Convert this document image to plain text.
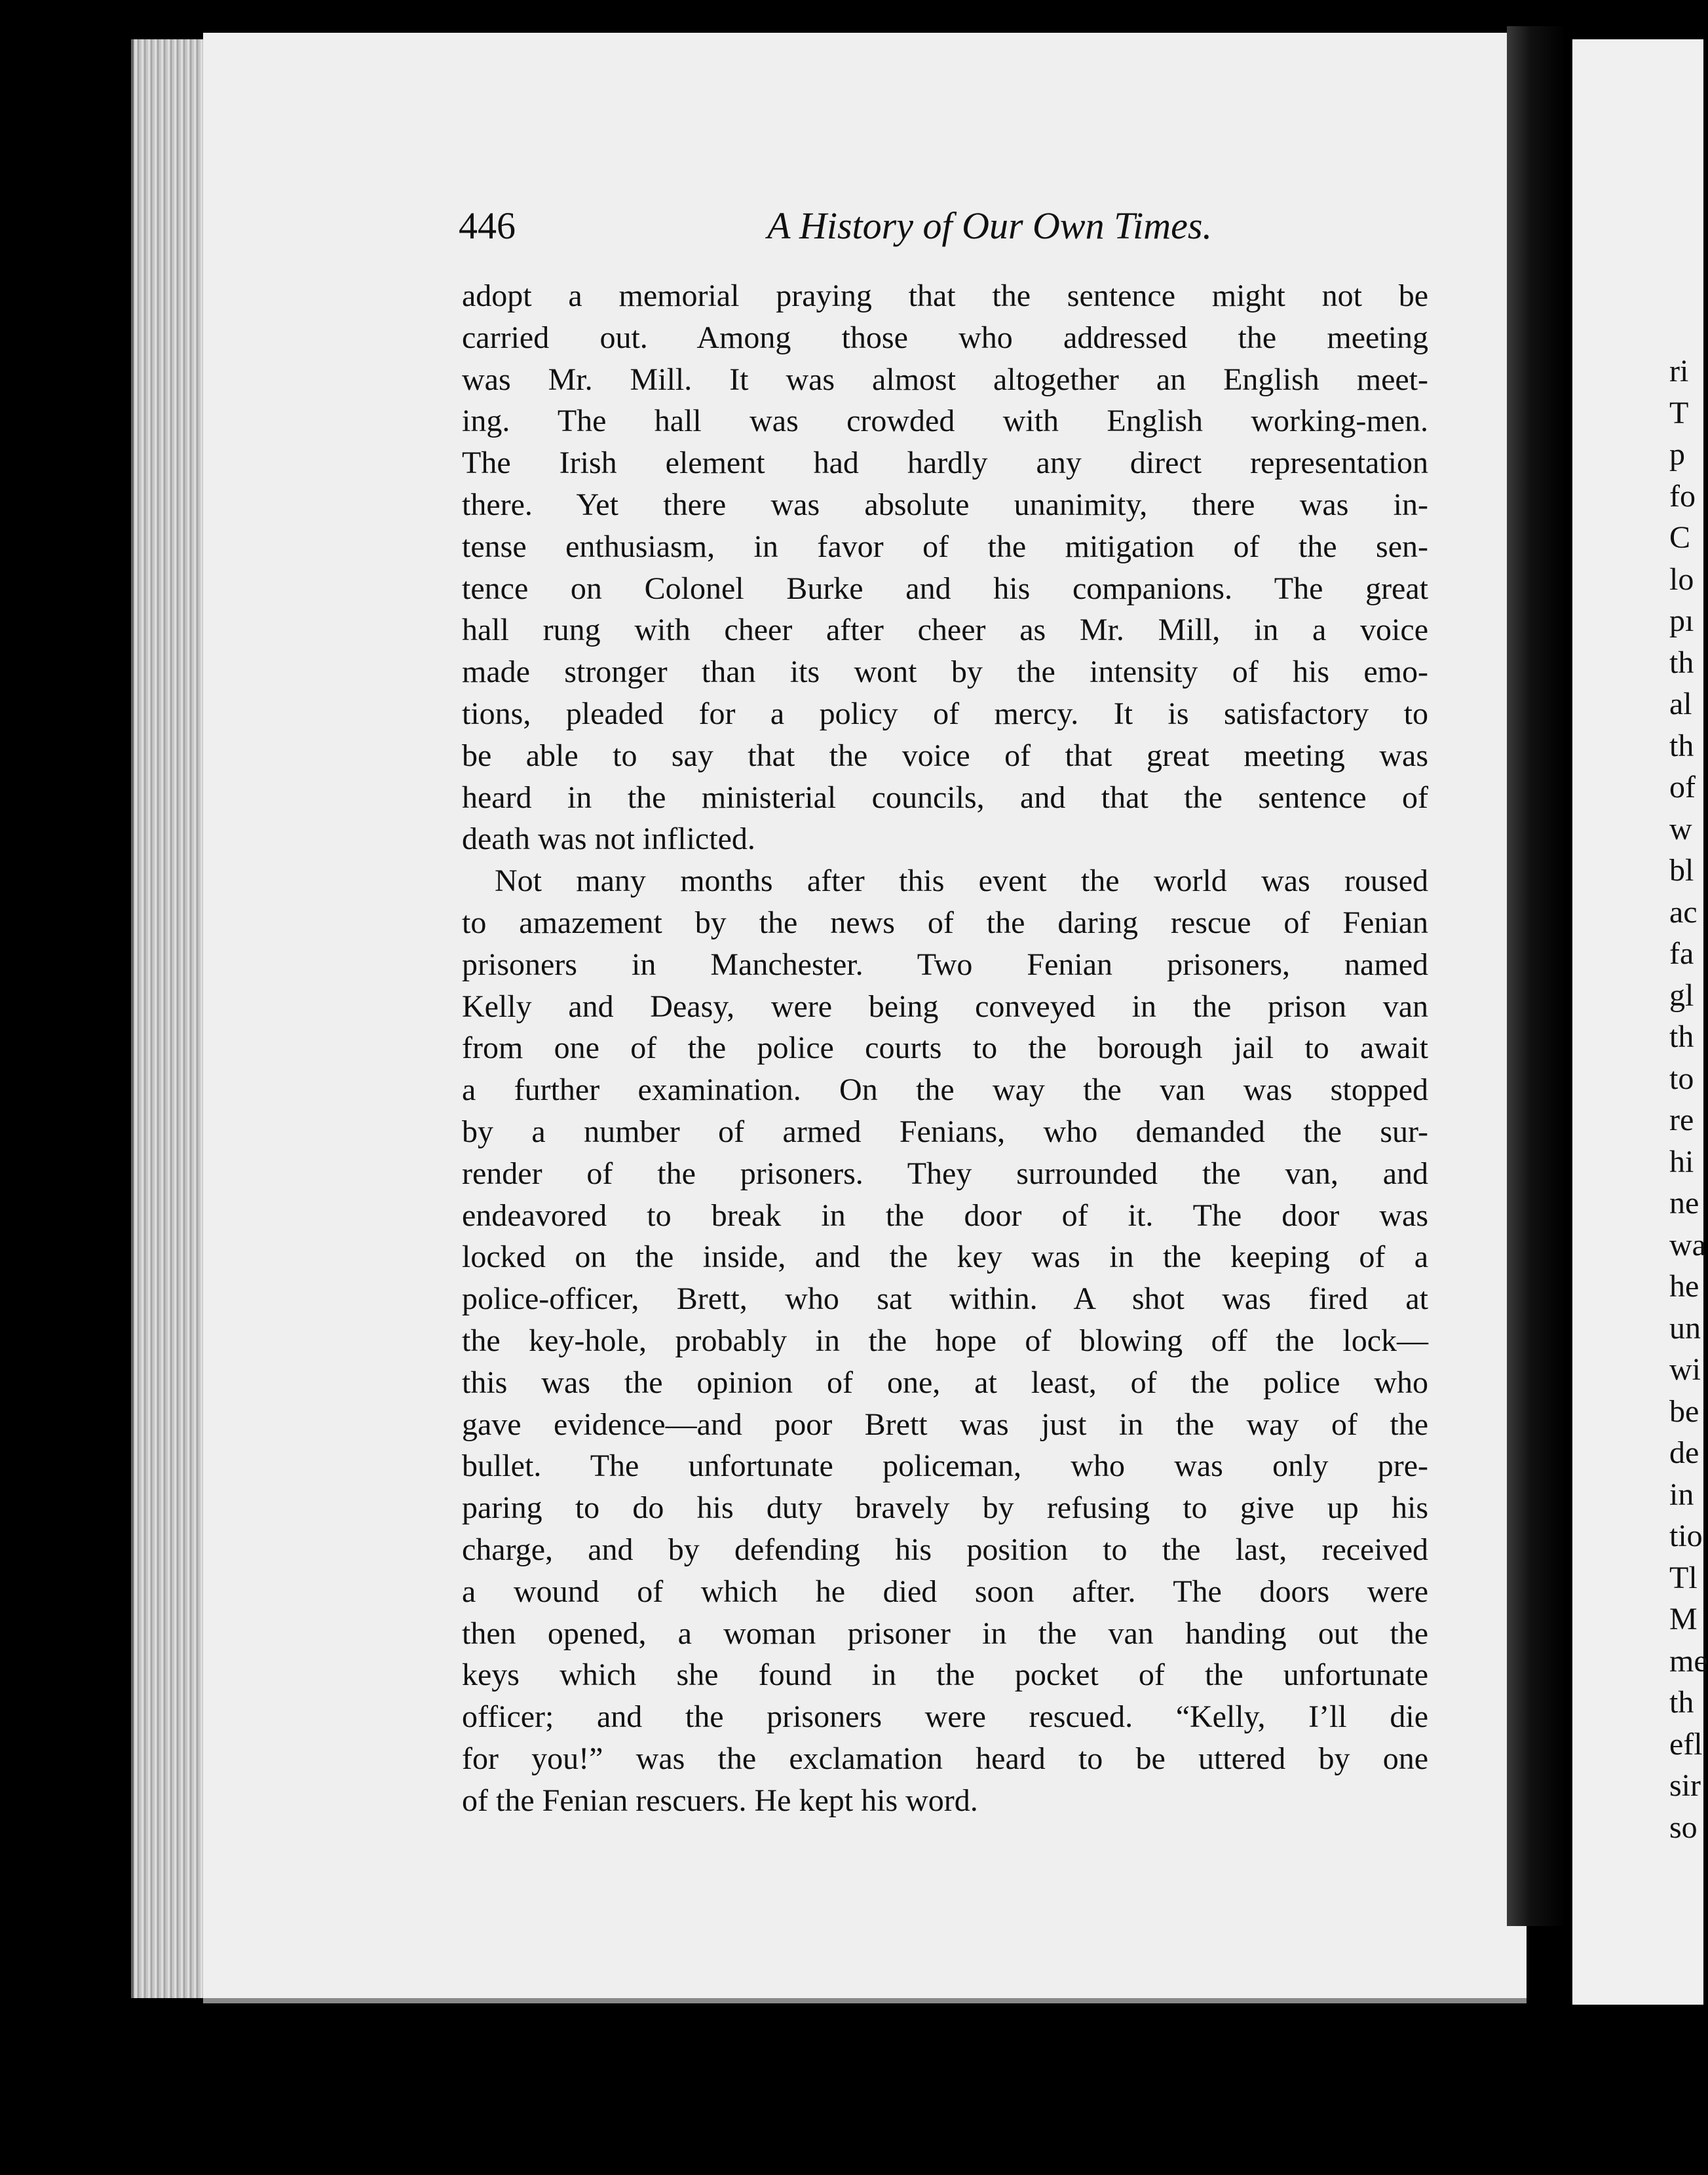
446	A History of Our Own Times.

adopt a memorial praying that the sentence might not be
carried out. Among those who addressed the meeting
was Mr. Mill. It was almost altogether an English meet-
ing. The hall was crowded with English working-men.
The Irish element had hardly any direct representation
there. Yet there was absolute unanimity, there was in-
tense enthusiasm, in favor of the mitigation of the sen-
tence on Colonel Burke and his companions. The great
hall rung with cheer after cheer as Mr. Mill, in a voice
made stronger than its wont by the intensity of his emo-
tions, pleaded for a policy of mercy. It is satisfactory to
be able to say that the voice of that great meeting was
heard in the ministerial councils, and that the sentence of
death was not inflicted.

Not many months after this event the world was roused
to amazement by the news of the daring rescue of Fenian
prisoners in Manchester. Two Fenian prisoners, named
Kelly and Deasy, were being conveyed in the prison van
from one of the police courts to the borough jail to await
a further examination. On the way the van was stopped
by a number of armed Fenians, who demanded the sur-
render of the prisoners. They surrounded the van, and
endeavored to break in the door of it. The door was
locked on the inside, and the key was in the keeping of a
police-officer, Brett, who sat within. A shot was fired at
the key-hole, probably in the hope of blowing off the lock—
this was the opinion of one, at least, of the police who
gave evidence—and poor Brett was just in the way of the
bullet. The unfortunate policeman, who was only pre-
paring to do his duty bravely by refusing to give up his
charge, and by defending his position to the last, received
a wound of which he died soon after. The doors were
then opened, a woman prisoner in the van handing out the
keys which she found in the pocket of the unfortunate
officer; and the prisoners were rescued. “Kelly, I’ll die
for you!” was the exclamation heard to be uttered by one
of the Fenian rescuers. He kept his word.

ri
T
p
fo
C
lo
pı
th
al
th
of
w
bl
ac
fa
gl
th
to
re
hi
ne
wa
he
un
wi
be
de
in
tio
Tl
M
me
th
efl
sir
so
